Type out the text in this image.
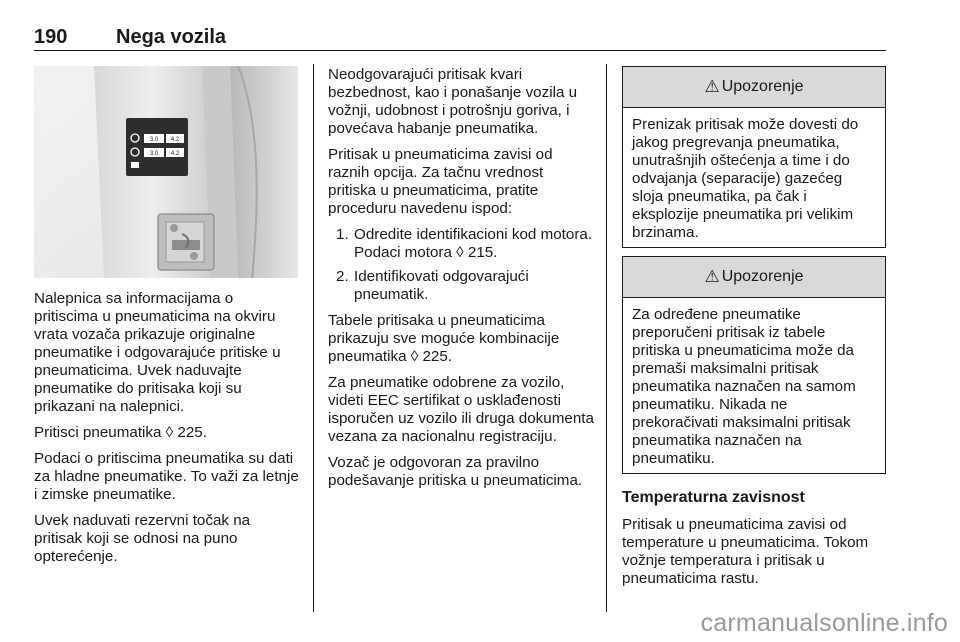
190 Nega vozila
3.0 4.2
3.0 4.2

Nalepnica sa informacijama o pritiscima u pneumaticima na okviru vrata vozača prikazuje originalne pneumatike i odgovarajuće pritiske u pneumaticima. Uvek naduvajte pneumatike do pritisaka koji su prikazani na nalepnici.

Pritisci pneumatika ◊ 225.

Podaci o pritiscima pneumatika su dati za hladne pneumatike. To važi za letnje i zimske pneumatike.

Uvek naduvati rezervni točak na pritisak koji se odnosi na puno opterećenje.

Neodgovarajući pritisak kvari bezbednost, kao i ponašanje vozila u vožnji, udobnost i potrošnju goriva, i povećava habanje pneumatika.

Pritisak u pneumaticima zavisi od raznih opcija. Za tačnu vrednost pritiska u pneumaticima, pratite proceduru navedenu ispod:

1. Odredite identifikacioni kod motora. Podaci motora ◊ 215.
2. Identifikovati odgovarajući pneumatik.

Tabele pritisaka u pneumaticima prikazuju sve moguće kombinacije pneumatika ◊ 225.

Za pneumatike odobrene za vozilo, videti EEC sertifikat o usklađenosti isporučen uz vozilo ili druga dokumenta vezana za nacionalnu registraciju.

Vozač je odgovoran za pravilno podešavanje pritiska u pneumaticima.

⚠ Upozorenje
Prenizak pritisak može dovesti do jakog pregrevanja pneumatika, unutrašnjih oštećenja a time i do odvajanja (separacije) gazećeg sloja pneumatika, pa čak i eksplozije pneumatika pri velikim brzinama.
⚠ Upozorenje
Za određene pneumatike preporučeni pritisak iz tabele pritiska u pneumaticima može da premaši maksimalni pritisak pneumatika naznačen na samom pneumatiku. Nikada ne prekoračivati maksimalni pritisak pneumatika naznačen na pneumatiku.
Temperaturna zavisnost

Pritisak u pneumaticima zavisi od temperature u pneumaticima. Tokom vožnje temperatura i pritisak u pneumaticima rastu.

carmanualsonline.info
